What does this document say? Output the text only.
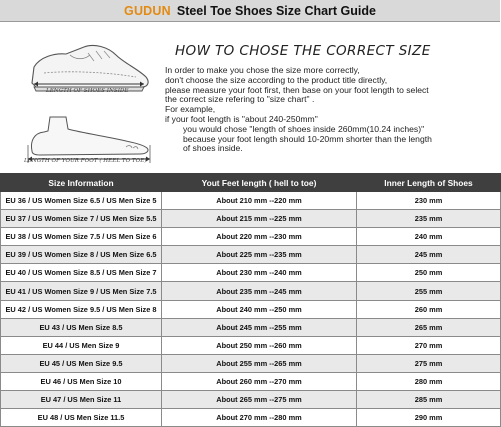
GUDUN Steel Toe Shoes Size Chart Guide
LENGTH OF SHOES INSIDE
LENGTH OF YOUR FOOT ( HEEL TO TOE)
HOW TO CHOSE THE CORRECT SIZE
In order to make you chose the size more correctly,
don't choose the size according to the product title directly,
please measure your foot first, then base on your foot length to select
the correct size refering to "size chart" .
For example,
if your foot length is "about 240-250mm"
you would chose "length of shoes inside 260mm(10.24 inches)"
because your foot length should 10-20mm shorter than the length
of shoes inside.
Size Information	Yout Feet length ( hell to toe)	Inner Length of Shoes
EU 36 / US Women Size 6.5 / US Men Size 5	About 210 mm --220 mm	230 mm
EU 37 / US Women Size 7 / US Men Size 5.5	About 215 mm --225 mm	235 mm
EU 38 / US Women Size 7.5 / US Men Size 6	About 220 mm --230 mm	240 mm
EU 39 / US Women Size 8 / US Men Size 6.5	About 225 mm --235 mm	245 mm
EU 40 / US Women Size 8.5 / US Men Size 7	About 230 mm --240 mm	250 mm
EU 41 / US Women Size 9 / US Men Size 7.5	About 235 mm --245 mm	255 mm
EU 42 / US Women Size 9.5 / US Men Size 8	About 240 mm --250 mm	260 mm
EU 43 / US Men Size 8.5	About 245 mm --255 mm	265 mm
EU 44 / US Men Size 9	About 250 mm --260 mm	270 mm
EU 45 / US Men Size 9.5	About 255 mm --265 mm	275 mm
EU 46 / US Men Size 10	About 260 mm --270 mm	280 mm
EU 47 / US Men Size 11	About 265 mm --275 mm	285 mm
EU 48 / US Men Size 11.5	About 270 mm --280 mm	290 mm
